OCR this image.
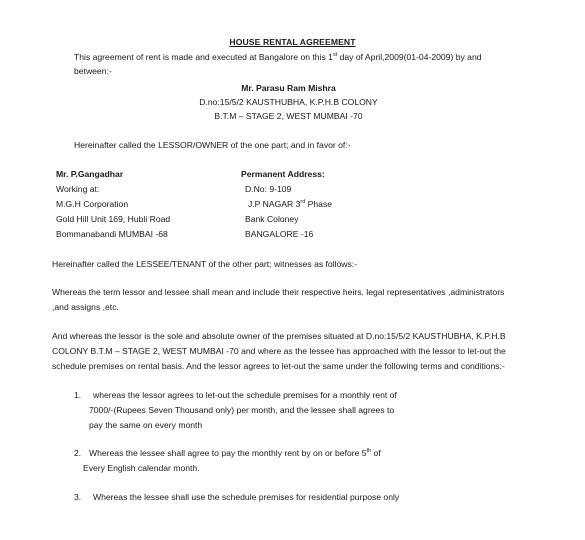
HOUSE RENTAL AGREEMENT
This agreement of rent is made and executed at Bangalore on this 1st day of April,2009(01-04-2009) by and
between:-
Mr. Parasu Ram Mishra
D.no:15/5/2 KAUSTHUBHA, K.P.H.B COLONY
B.T.M – STAGE 2, WEST MUMBAI -70
Hereinafter called the LESSOR/OWNER of the one part; and in favor of:-
Mr. P.Gangadhar
Working at:
M.G.H Corporation
Gold Hill Unit 169, Hubli Road
Bommanabandi MUMBAI -68
Permanent Address:
D.No: 9-109
J.P NAGAR 3rd Phase
Bank Coloney
BANGALORE -16
Hereinafter called the LESSEE/TENANT of the other part; witnesses as follows:-
Whereas the term lessor and lessee shall mean and include their respective heirs. legal representatives ,administrators
,and assigns ,etc.
And whereas the lessor is the sole and absolute owner of the premises situated at D.no:15/5/2 KAUSTHUBHA, K.P.H.B
COLONY B.T.M – STAGE 2, WEST MUMBAI -70 and where as the lessee has approached with the lessor to let-out the
schedule premises on rental basis. And the lessor agrees to let-out the same under the following terms and conditions:-
1. whereas the lessor agrees to let-out the schedule premises for a monthly rent of
7000/-(Rupees Seven Thousand only) per month, and the lessee shall agrees to
pay the same on every month
2. Whereas the lessee shall agree to pay the monthly rent by on or before 5th of
Every English calendar month.
3. Whereas the lessee shall use the schedule premises for residential purpose only
